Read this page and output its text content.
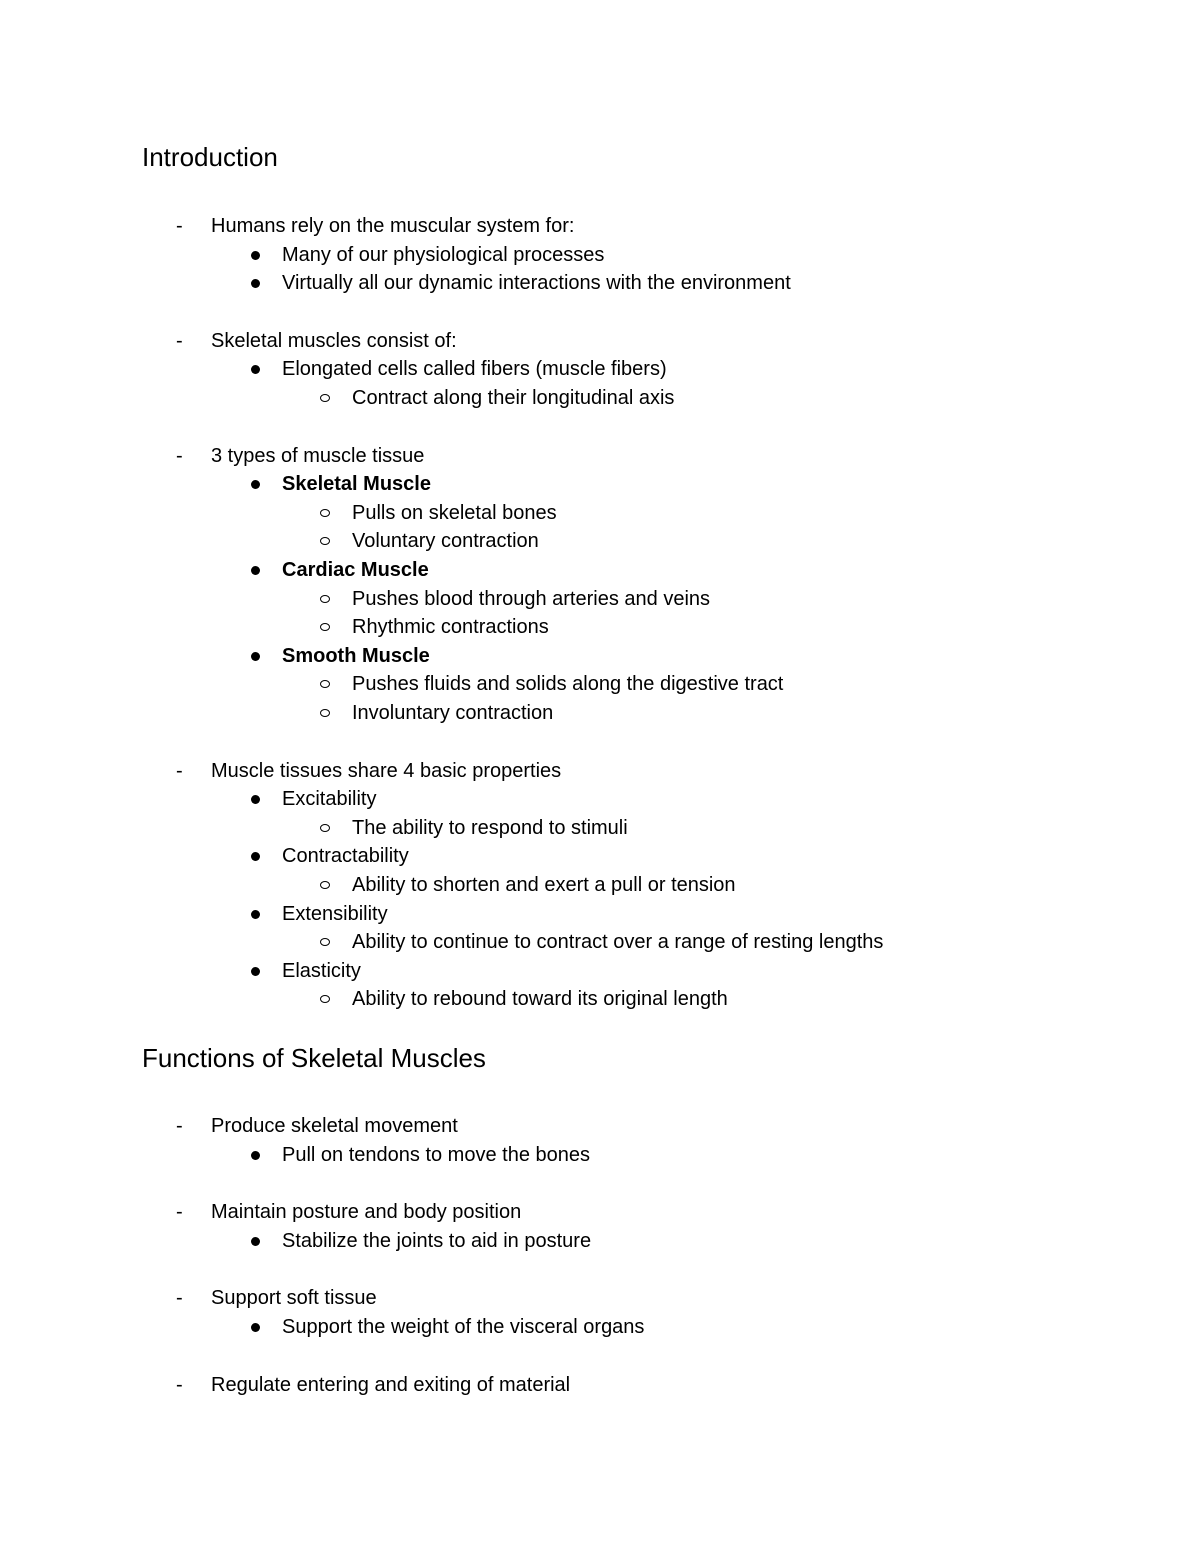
Introduction
Functions of Skeletal Muscles
- Humans rely on the muscular system for:
Many of our physiological processes
Virtually all our dynamic interactions with the environment
- Skeletal muscles consist of:
Elongated cells called fibers (muscle fibers)
Contract along their longitudinal axis
- 3 types of muscle tissue
Skeletal Muscle
Pulls on skeletal bones
Voluntary contraction
Cardiac Muscle
Pushes blood through arteries and veins
Rhythmic contractions
Smooth Muscle
Pushes fluids and solids along the digestive tract
Involuntary contraction
- Muscle tissues share 4 basic properties
Excitability
The ability to respond to stimuli
Contractability
Ability to shorten and exert a pull or tension
Extensibility
Ability to continue to contract over a range of resting lengths
Elasticity
Ability to rebound toward its original length
- Produce skeletal movement
Pull on tendons to move the bones
- Maintain posture and body position
Stabilize the joints to aid in posture
- Support soft tissue
Support the weight of the visceral organs
- Regulate entering and exiting of material
